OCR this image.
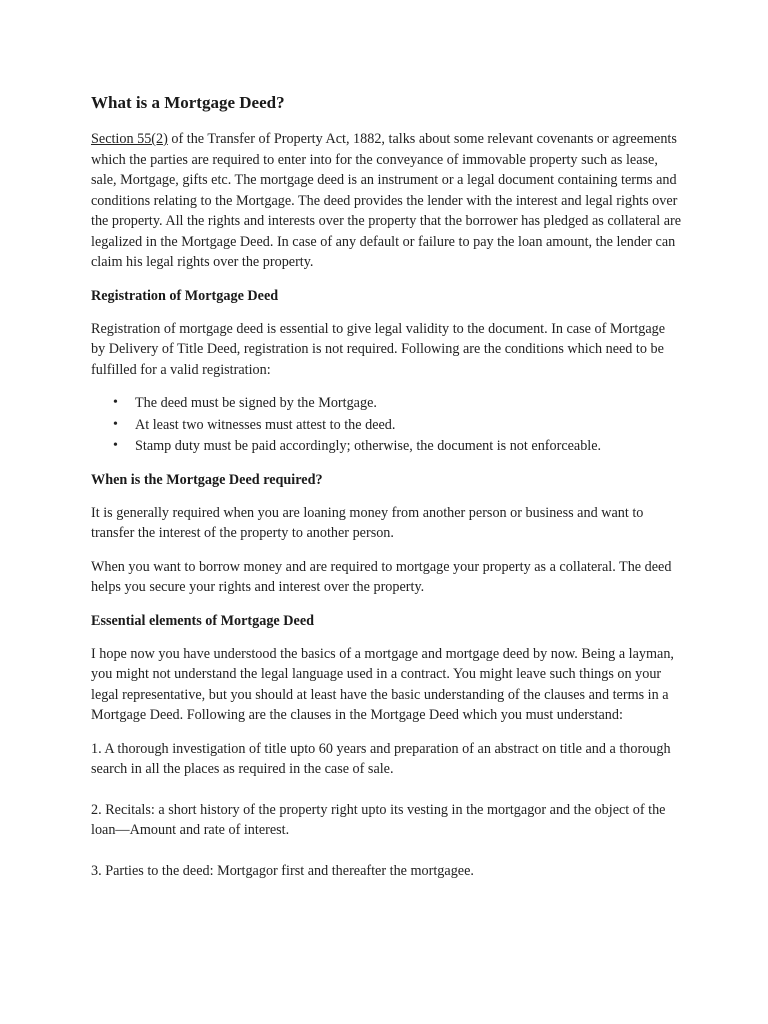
What is a Mortgage Deed?

Section 55(2) of the Transfer of Property Act, 1882, talks about some relevant covenants or agreements which the parties are required to enter into for the conveyance of immovable property such as lease, sale, Mortgage, gifts etc. The mortgage deed is an instrument or a legal document containing terms and conditions relating to the Mortgage. The deed provides the lender with the interest and legal rights over the property. All the rights and interests over the property that the borrower has pledged as collateral are legalized in the Mortgage Deed. In case of any default or failure to pay the loan amount, the lender can claim his legal rights over the property.

Registration of Mortgage Deed

Registration of mortgage deed is essential to give legal validity to the document. In case of Mortgage by Delivery of Title Deed, registration is not required. Following are the conditions which need to be fulfilled for a valid registration:

• The deed must be signed by the Mortgage.
• At least two witnesses must attest to the deed.
• Stamp duty must be paid accordingly; otherwise, the document is not enforceable.
When is the Mortgage Deed required?

It is generally required when you are loaning money from another person or business and want to transfer the interest of the property to another person.

When you want to borrow money and are required to mortgage your property as a collateral. The deed helps you secure your rights and interest over the property.

Essential elements of Mortgage Deed

I hope now you have understood the basics of a mortgage and mortgage deed by now. Being a layman, you might not understand the legal language used in a contract. You might leave such things on your legal representative, but you should at least have the basic understanding of the clauses and terms in a Mortgage Deed. Following are the clauses in the Mortgage Deed which you must understand:

1. A thorough investigation of title upto 60 years and preparation of an abstract on title and a thorough search in all the places as required in the case of sale.

2. Recitals: a short history of the property right upto its vesting in the mortgagor and the object of the loan—Amount and rate of interest.

3. Parties to the deed: Mortgagor first and thereafter the mortgagee.
